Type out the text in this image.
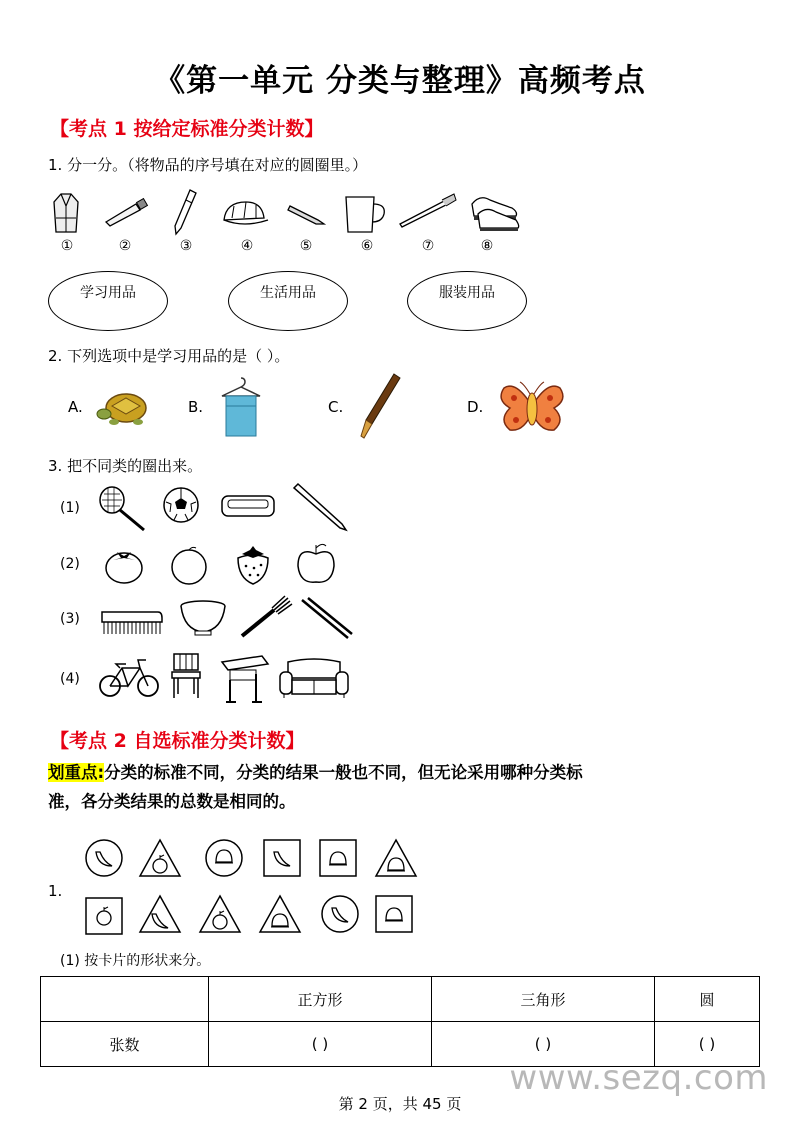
《第一单元 分类与整理》高频考点
【考点 1 按给定标准分类计数】
1. 分一分。（将物品的序号填在对应的圆圈里。）
①	②	③	④	⑤	⑥	⑦	⑧
学习用品	生活用品	服装用品
2. 下列选项中是学习用品的是（ ）。
A.	B.	C.	D.
3. 把不同类的圈出来。
(1)
(2)
(3)
(4)
【考点 2 自选标准分类计数】
划重点:分类的标准不同，分类的结果一般也不同，但无论采用哪种分类标
准，各分类结果的总数是相同的。
1.
(1) 按卡片的形状来分。
	正方形	三角形	圆
张数	( )	( )	( )
www.sezq.com
第 2 页，共 45 页
